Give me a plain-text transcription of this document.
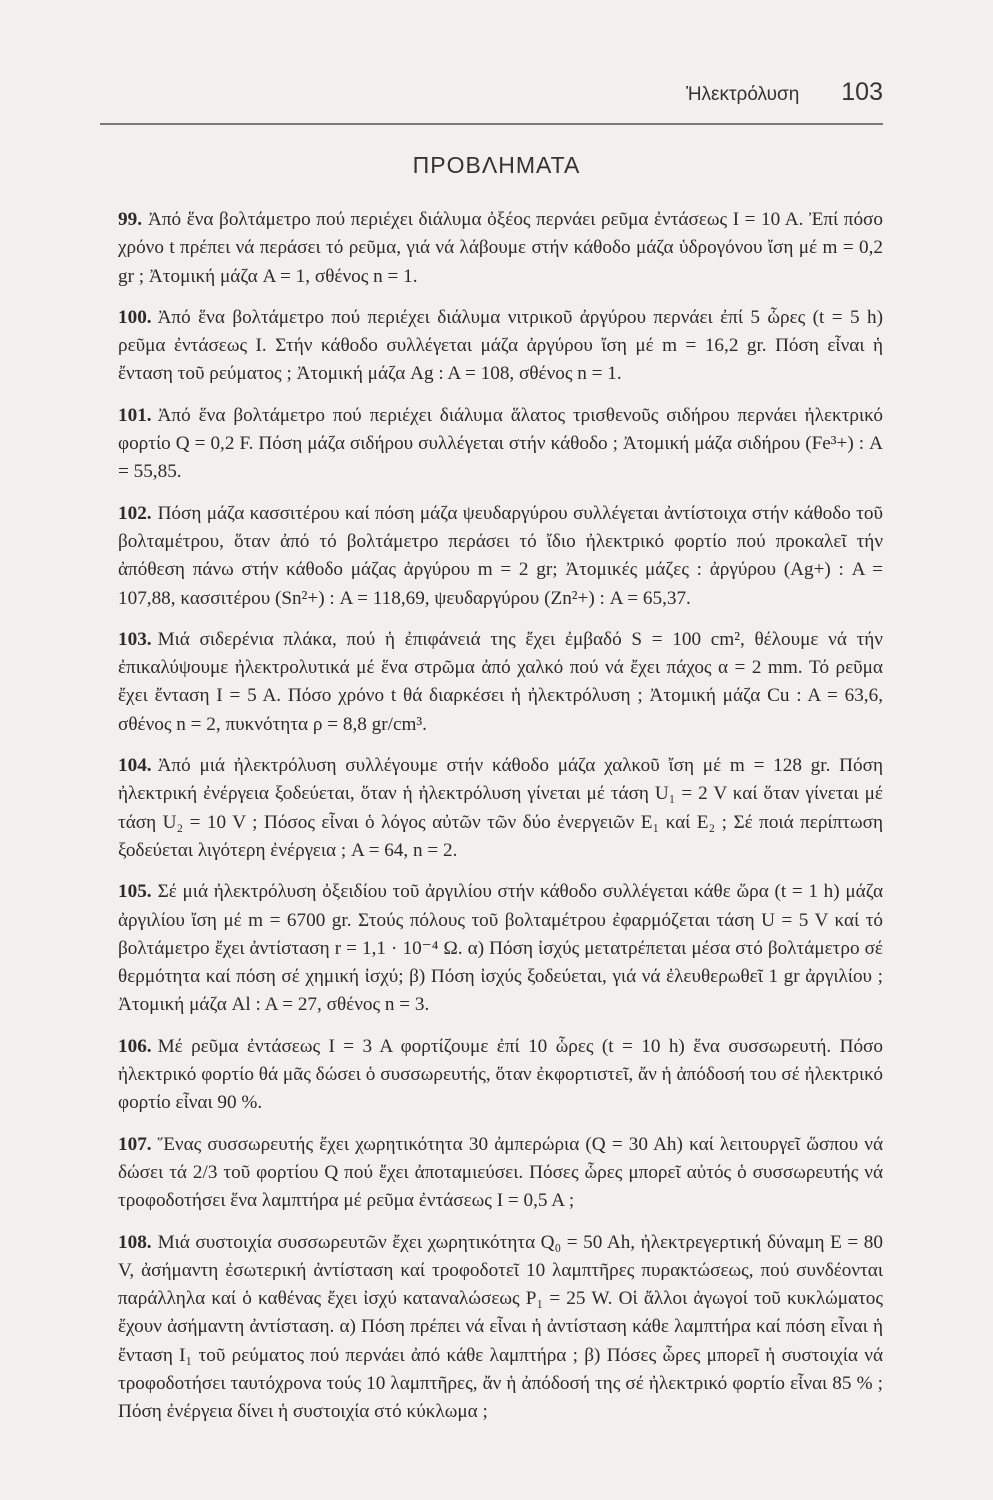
Ἠλεκτρόλυση 103
ΠΡΟΒΛΗΜΑΤΑ

99. Ἀπό ἕνα βολτάμετρο πού περιέχει διάλυμα ὀξέος περνάει ρεῦμα ἐντάσεως I = 10 A. Ἐπί πόσο χρόνο t πρέπει νά περάσει τό ρεῦμα, γιά νά λάβουμε στήν κάθοδο μάζα ὑδρογόνου ἴση μέ m = 0,2 gr ; Ἀτομική μάζα A = 1, σθένος n = 1.

100. Ἀπό ἕνα βολτάμετρο πού περιέχει διάλυμα νιτρικοῦ ἀργύρου περνάει ἐπί 5 ὧρες (t = 5 h) ρεῦμα ἐντάσεως I. Στήν κάθοδο συλλέγεται μάζα ἀργύρου ἴση μέ m = 16,2 gr. Πόση εἶναι ἡ ἔνταση τοῦ ρεύματος ; Ἀτομική μάζα Ag : A = 108, σθένος n = 1.

101. Ἀπό ἕνα βολτάμετρο πού περιέχει διάλυμα ἅλατος τρισθενοῦς σιδήρου περνάει ἠλεκτρικό φορτίο Q = 0,2 F. Πόση μάζα σιδήρου συλλέγεται στήν κάθοδο ; Ἀτομική μάζα σιδήρου (Fe³+) : A = 55,85.

102. Πόση μάζα κασσιτέρου καί πόση μάζα ψευδαργύρου συλλέγεται ἀντίστοιχα στήν κάθοδο τοῦ βολταμέτρου, ὅταν ἀπό τό βολτάμετρο περάσει τό ἴδιο ἠλεκτρικό φορτίο πού προκαλεῖ τήν ἀπόθεση πάνω στήν κάθοδο μάζας ἀργύρου m = 2 gr; Ἀτομικές μάζες : ἀργύρου (Ag+) : A = 107,88, κασσιτέρου (Sn²+) : A = 118,69, ψευδαργύρου (Zn²+) : A = 65,37.

103. Μιά σιδερένια πλάκα, πού ἡ ἐπιφάνειά της ἔχει ἐμβαδό S = 100 cm², θέλουμε νά τήν ἐπικαλύψουμε ἠλεκτρολυτικά μέ ἕνα στρῶμα ἀπό χαλκό πού νά ἔχει πάχος α = 2 mm. Τό ρεῦμα ἔχει ἔνταση I = 5 A. Πόσο χρόνο t θά διαρκέσει ἡ ἠλεκτρόλυση ; Ἀτομική μάζα Cu : A = 63,6, σθένος n = 2, πυκνότητα ρ = 8,8 gr/cm³.

104. Ἀπό μιά ἠλεκτρόλυση συλλέγουμε στήν κάθοδο μάζα χαλκοῦ ἴση μέ m = 128 gr. Πόση ἠλεκτρική ἐνέργεια ξοδεύεται, ὅταν ἡ ἠλεκτρόλυση γίνεται μέ τάση U₁ = 2 V καί ὅταν γίνεται μέ τάση U₂ = 10 V ; Πόσος εἶναι ὁ λόγος αὐτῶν τῶν δύο ἐνεργειῶν E₁ καί E₂ ; Σέ ποιά περίπτωση ξοδεύεται λιγότερη ἐνέργεια ; A = 64, n = 2.

105. Σέ μιά ἠλεκτρόλυση ὀξειδίου τοῦ ἀργιλίου στήν κάθοδο συλλέγεται κάθε ὥρα (t = 1 h) μάζα ἀργιλίου ἴση μέ m = 6700 gr. Στούς πόλους τοῦ βολταμέτρου ἐφαρμόζεται τάση U = 5 V καί τό βολτάμετρο ἔχει ἀντίσταση r = 1,1 · 10⁻⁴ Ω. α) Πόση ἰσχύς μετατρέπεται μέσα στό βολτάμετρο σέ θερμότητα καί πόση σέ χημική ἰσχύ; β) Πόση ἰσχύς ξοδεύεται, γιά νά ἐλευθερωθεῖ 1 gr ἀργιλίου ; Ἀτομική μάζα Al : A = 27, σθένος n = 3.

106. Μέ ρεῦμα ἐντάσεως I = 3 A φορτίζουμε ἐπί 10 ὧρες (t = 10 h) ἕνα συσσωρευτή. Πόσο ἠλεκτρικό φορτίο θά μᾶς δώσει ὁ συσσωρευτής, ὅταν ἐκφορτιστεῖ, ἄν ἡ ἀπόδοσή του σέ ἠλεκτρικό φορτίο εἶναι 90 %.

107. Ἕνας συσσωρευτής ἔχει χωρητικότητα 30 ἀμπερώρια (Q = 30 Ah) καί λειτουργεῖ ὥσπου νά δώσει τά 2/3 τοῦ φορτίου Q πού ἔχει ἀποταμιεύσει. Πόσες ὧρες μπορεῖ αὐτός ὁ συσσωρευτής νά τροφοδοτήσει ἕνα λαμπτήρα μέ ρεῦμα ἐντάσεως I = 0,5 A ;

108. Μιά συστοιχία συσσωρευτῶν ἔχει χωρητικότητα Q₀ = 50 Ah, ἠλεκτρεγερτική δύναμη E = 80 V, ἀσήμαντη ἐσωτερική ἀντίσταση καί τροφοδοτεῖ 10 λαμπτῆρες πυρακτώσεως, πού συνδέονται παράλληλα καί ὁ καθένας ἔχει ἰσχύ καταναλώσεως P₁ = 25 W. Οἱ ἄλλοι ἀγωγοί τοῦ κυκλώματος ἔχουν ἀσήμαντη ἀντίσταση. α) Πόση πρέπει νά εἶναι ἡ ἀντίσταση κάθε λαμπτήρα καί πόση εἶναι ἡ ἔνταση I₁ τοῦ ρεύματος πού περνάει ἀπό κάθε λαμπτήρα ; β) Πόσες ὧρες μπορεῖ ἡ συστοιχία νά τροφοδοτήσει ταυτόχρονα τούς 10 λαμπτῆρες, ἄν ἡ ἀπόδοσή της σέ ἠλεκτρικό φορτίο εἶναι 85 % ; Πόση ἐνέργεια δίνει ἡ συστοιχία στό κύκλωμα ;
